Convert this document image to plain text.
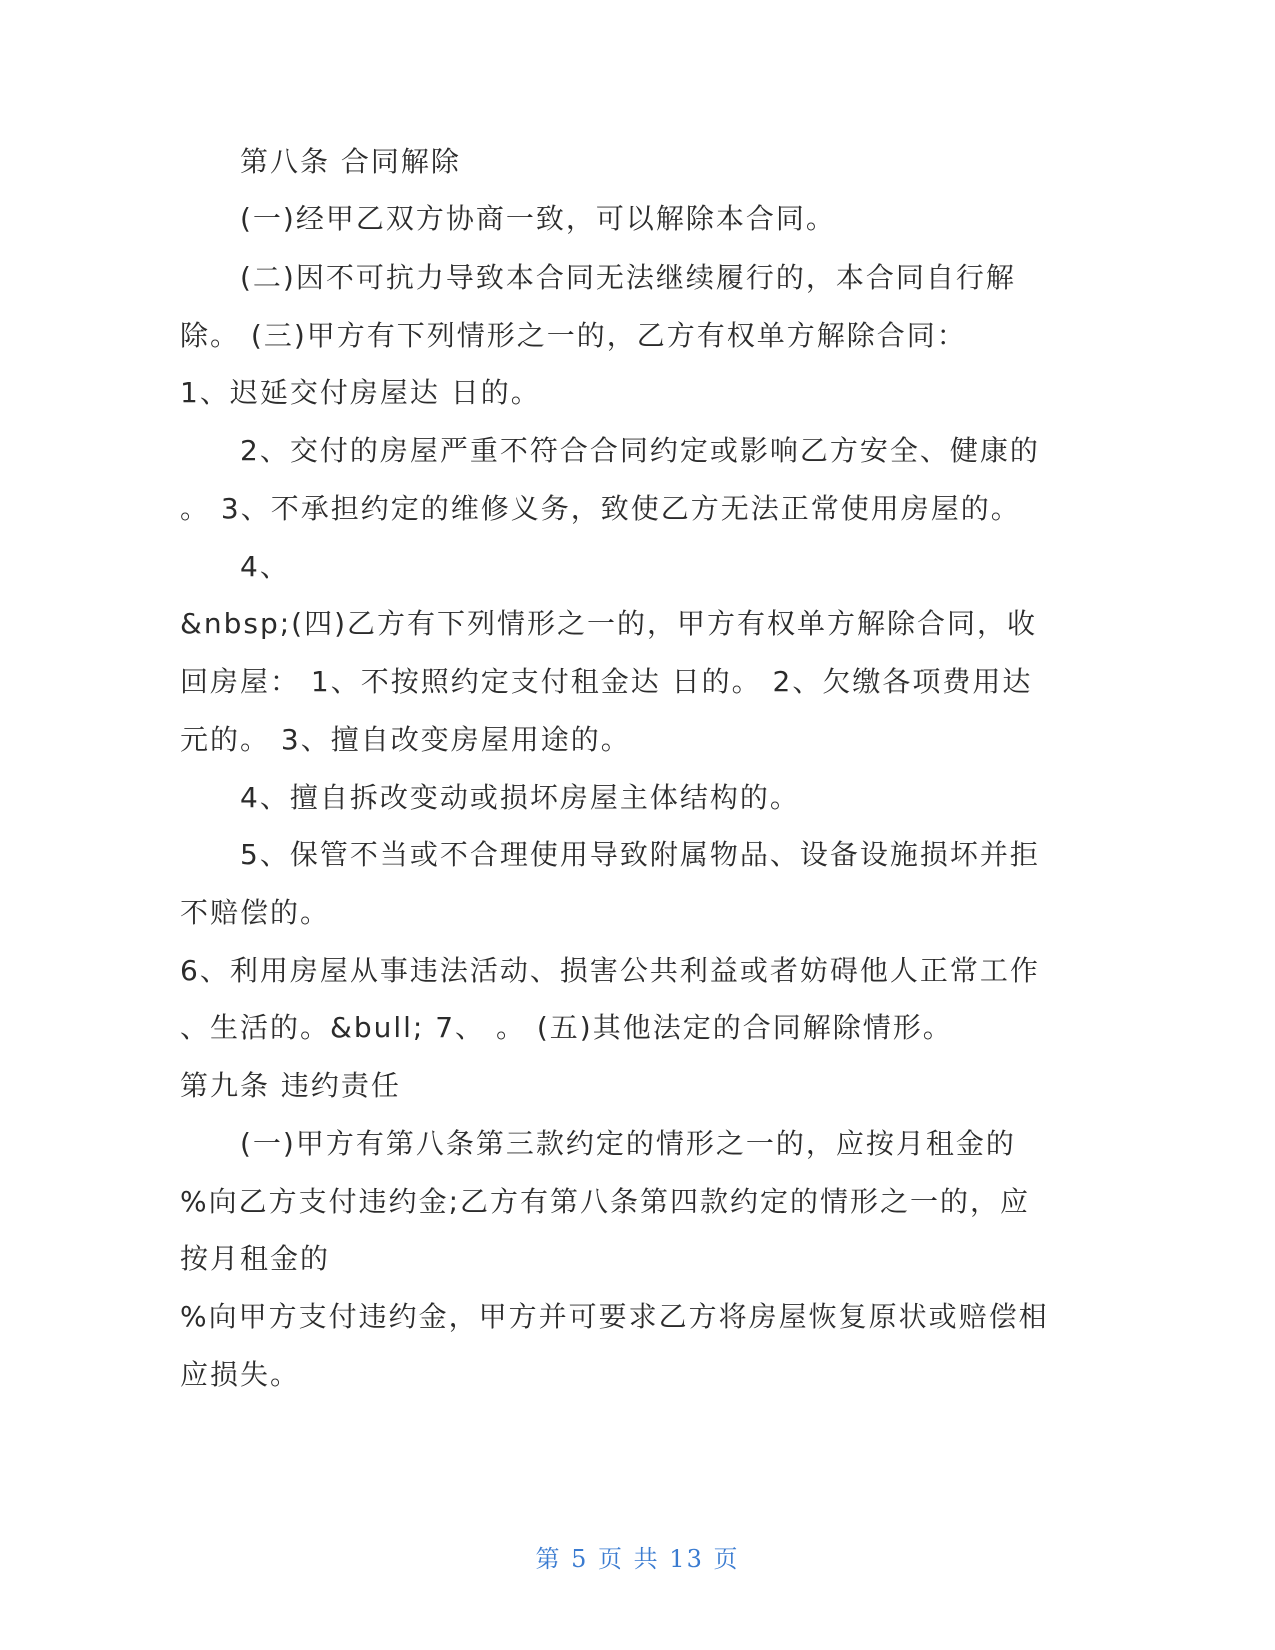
第八条 合同解除
(一)经甲乙双方协商一致，可以解除本合同。
(二)因不可抗力导致本合同无法继续履行的，本合同自行解
除。 (三)甲方有下列情形之一的，乙方有权单方解除合同：
1、迟延交付房屋达 日的。
2、交付的房屋严重不符合合同约定或影响乙方安全、健康的
。 3、不承担约定的维修义务，致使乙方无法正常使用房屋的。
4、
&nbsp;(四)乙方有下列情形之一的，甲方有权单方解除合同，收
回房屋： 1、不按照约定支付租金达 日的。 2、欠缴各项费用达
元的。 3、擅自改变房屋用途的。
4、擅自拆改变动或损坏房屋主体结构的。
5、保管不当或不合理使用导致附属物品、设备设施损坏并拒
不赔偿的。
6、利用房屋从事违法活动、损害公共利益或者妨碍他人正常工作
、生活的。&bull; 7、 。 (五)其他法定的合同解除情形。
第九条 违约责任
(一)甲方有第八条第三款约定的情形之一的，应按月租金的
%向乙方支付违约金;乙方有第八条第四款约定的情形之一的，应
按月租金的
%向甲方支付违约金，甲方并可要求乙方将房屋恢复原状或赔偿相
应损失。
第 5 页 共 13 页
